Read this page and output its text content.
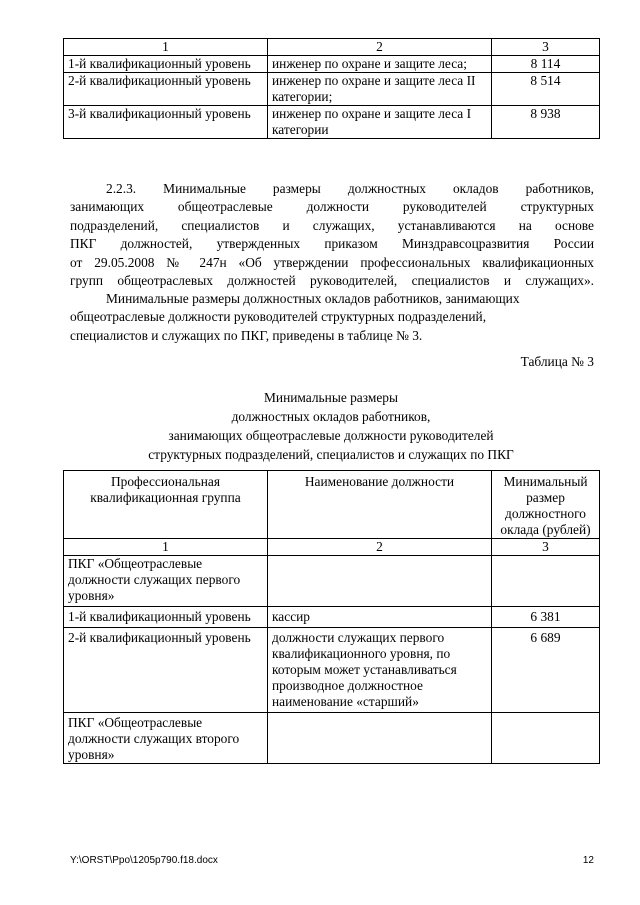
1	2	3
1-й квалификационный уровень	инженер по охране и защите леса;	8 114
2-й квалификационный уровень	инженер по охране и защите леса II категории;	8 514
3-й квалификационный уровень	инженер по охране и защите леса I категории	8 938
2.2.3. Минимальные размеры должностных окладов работников,
занимающих общеотраслевые должности руководителей структурных
подразделений, специалистов и служащих, устанавливаются на основе
ПКГ должностей, утвержденных приказом Минздравсоцразвития России
от 29.05.2008 № 247н «Об утверждении профессиональных квалификационных
групп общеотраслевых должностей руководителей, специалистов и служащих».
Минимальные размеры должностных окладов работников, занимающих
общеотраслевые должности руководителей структурных подразделений,
специалистов и служащих по ПКГ, приведены в таблице № 3.
Таблица № 3
Минимальные размеры
должностных окладов работников,
занимающих общеотраслевые должности руководителей
структурных подразделений, специалистов и служащих по ПКГ
Профессиональная квалификационная группа	Наименование должности	Минимальный размер должностного оклада (рублей)
1	2	3
ПКГ «Общеотраслевые должности служащих первого уровня»		
1-й квалификационный уровень	кассир	6 381
2-й квалификационный уровень	должности служащих первого квалификационного уровня, по которым может устанавливаться производное должностное наименование «старший»	6 689
ПКГ «Общеотраслевые должности служащих второго уровня»		
Y:\ORST\Ppo\1205p790.f18.docx	12
